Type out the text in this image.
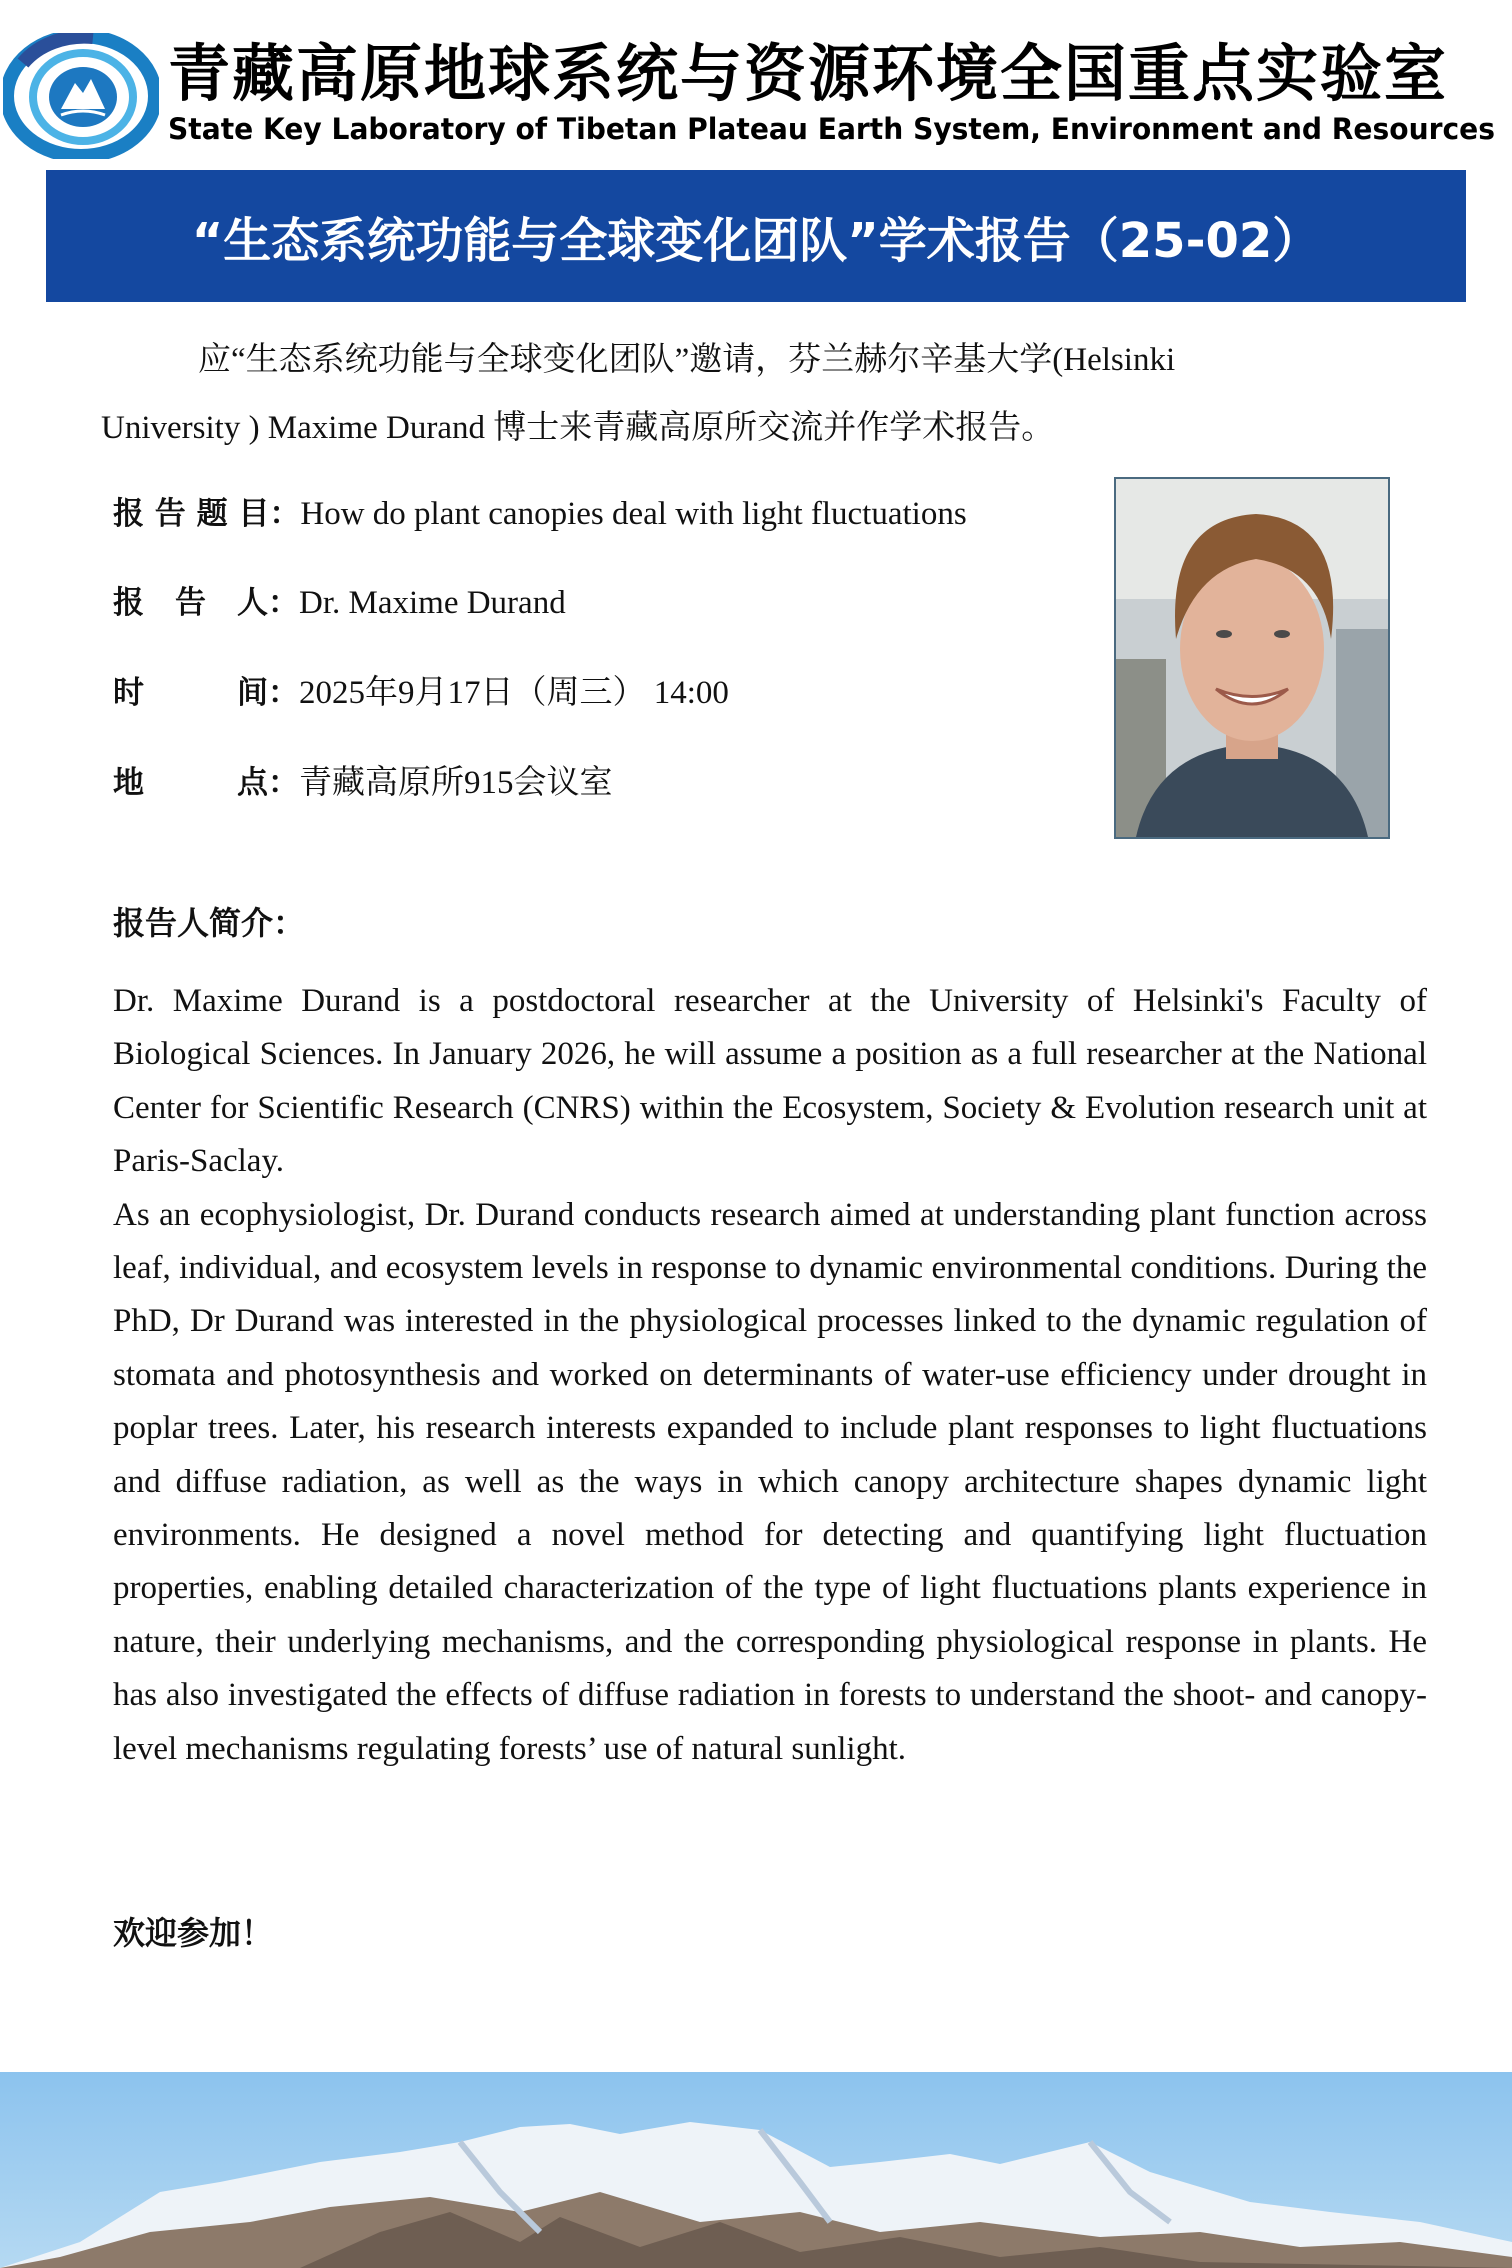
青藏高原地球系统与资源环境全国重点实验室
State Key Laboratory of Tibetan Plateau Earth System, Environment and Resources
“生态系统功能与全球变化团队”学术报告（25-02）
应“生态系统功能与全球变化团队”邀请，芬兰赫尔辛基大学(Helsinki
University ) Maxime Durand 博士来青藏高原所交流并作学术报告。
报 告 题 目：How do plant canopies deal with light fluctuations
报　告　人：Dr. Maxime Durand
时　　　间：2025年9月17日（周三） 14:00
地　　　点：青藏高原所915会议室
报告人简介：

Dr. Maxime Durand is a postdoctoral researcher at the University of Helsinki's Faculty of Biological Sciences. In January 2026, he will assume a position as a full researcher at the National Center for Scientific Research (CNRS) within the Ecosystem, Society & Evolution research unit at Paris-Saclay.

As an ecophysiologist, Dr. Durand conducts research aimed at understanding plant function across leaf, individual, and ecosystem levels in response to dynamic environmental conditions. During the PhD, Dr Durand was interested in the physiological processes linked to the dynamic regulation of stomata and photosynthesis and worked on determinants of water-use efficiency under drought in poplar trees. Later, his research interests expanded to include plant responses to light fluctuations and diffuse radiation, as well as the ways in which canopy architecture shapes dynamic light environments. He designed a novel method for detecting and quantifying light fluctuation properties, enabling detailed characterization of the type of light fluctuations plants experience in nature, their underlying mechanisms, and the corresponding physiological response in plants. He has also investigated the effects of diffuse radiation in forests to understand the shoot- and canopy-level mechanisms regulating forests’ use of natural sunlight.

欢迎参加！
